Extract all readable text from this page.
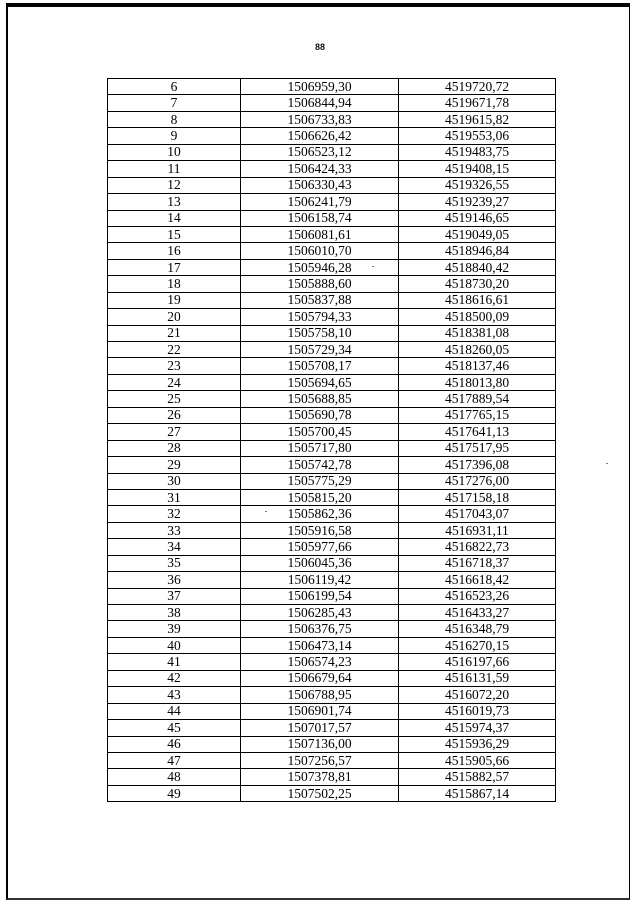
88
6	1506959,30	4519720,72
7	1506844,94	4519671,78
8	1506733,83	4519615,82
9	1506626,42	4519553,06
10	1506523,12	4519483,75
11	1506424,33	4519408,15
12	1506330,43	4519326,55
13	1506241,79	4519239,27
14	1506158,74	4519146,65
15	1506081,61	4519049,05
16	1506010,70	4518946,84
17	1505946,28	4518840,42
18	1505888,60	4518730,20
19	1505837,88	4518616,61
20	1505794,33	4518500,09
21	1505758,10	4518381,08
22	1505729,34	4518260,05
23	1505708,17	4518137,46
24	1505694,65	4518013,80
25	1505688,85	4517889,54
26	1505690,78	4517765,15
27	1505700,45	4517641,13
28	1505717,80	4517517,95
29	1505742,78	4517396,08
30	1505775,29	4517276,00
31	1505815,20	4517158,18
32	1505862,36	4517043,07
33	1505916,58	4516931,11
34	1505977,66	4516822,73
35	1506045,36	4516718,37
36	1506119,42	4516618,42
37	1506199,54	4516523,26
38	1506285,43	4516433,27
39	1506376,75	4516348,79
40	1506473,14	4516270,15
41	1506574,23	4516197,66
42	1506679,64	4516131,59
43	1506788,95	4516072,20
44	1506901,74	4516019,73
45	1507017,57	4515974,37
46	1507136,00	4515936,29
47	1507256,57	4515905,66
48	1507378,81	4515882,57
49	1507502,25	4515867,14
